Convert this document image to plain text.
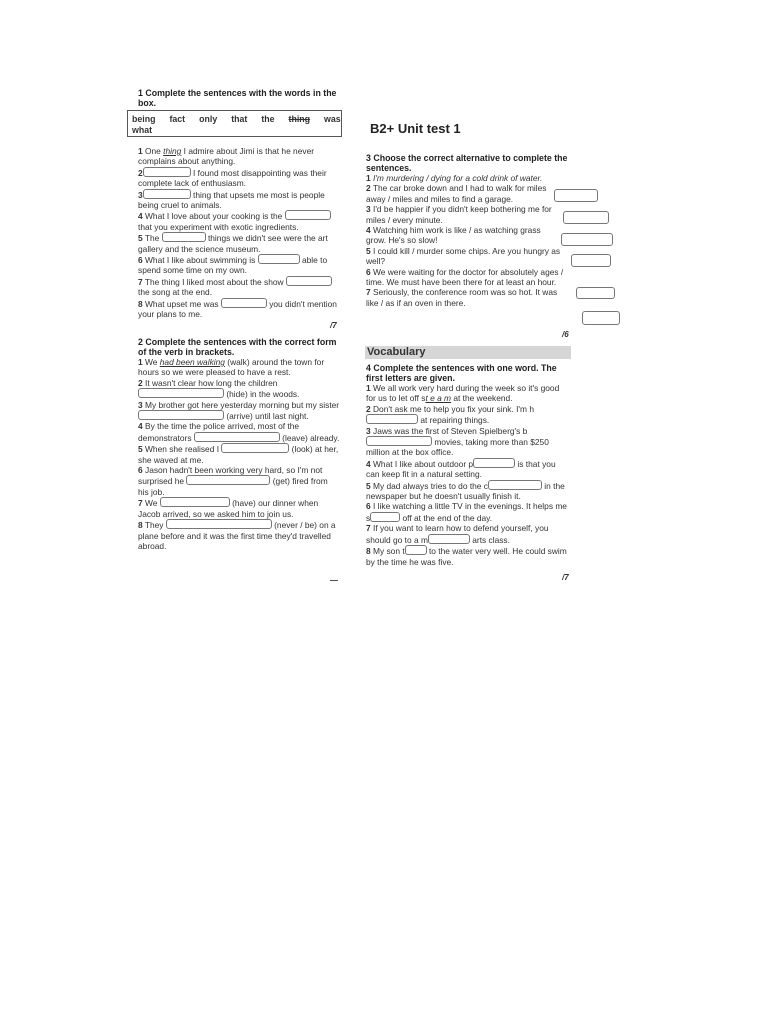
1 Complete the sentences with the words in the box.
being fact only that the thing was
what
1 One thing I admire about Jimi is that he never complains about anything.
2	I found most disappointing was their complete lack of enthusiasm.
3	thing that upsets me most is people being cruel to animals.
4 What I love about your cooking is the  that you experiment with exotic ingredients.
5 The	things we didn't see were the art gallery and the science museum.
6 What I like about swimming is	able to spend some time on my own.
7 The thing I liked most about the show  the song at the end.
8 What upset me was	you didn't mention your plans to me.
/7
2 Complete the sentences with the correct form of the verb in brackets.
1 We had been walking (walk) around the town for hours so we were pleased to have a rest.
2 It wasn't clear how long the children  (hide) in the woods.
3 My brother got here yesterday morning but my sister  (arrive) until last night.
4 By the time the police arrived, most of the demonstrators	(leave) already.
5 When she realised I	(look) at her, she waved at me.
6 Jason hadn't been working very hard, so I'm not surprised he	(get) fired from his job.
7 We	(have) our dinner when Jacob arrived, so we asked him to join us.
8 They	(never / be) on a plane before and it was the first time they'd travelled abroad.
—
B2+ Unit test 1
3 Choose the correct alternative to complete the sentences.
1 I'm murdering / dying for a cold drink of water.
2 The car broke down and I had to walk for miles away / miles and miles to find a garage.
3 I'd be happier if you didn't keep bothering me for miles / every minute.
4 Watching him work is like / as watching grass grow. He's so slow!
5 I could kill / murder some chips. Are you hungry as well?
6 We were waiting for the doctor for absolutely ages / time. We must have been there for at least an hour.
7 Seriously, the conference room was so hot. It was like / as if an oven in there.
/6
Vocabulary
4 Complete the sentences with one word. The first letters are given.
1 We all work very hard during the week so it's good for us to let off st e a m at the weekend.
2 Don't ask me to help you fix your sink. I'm h at repairing things.
3 Jaws was the first of Steven Spielberg's b movies, taking more than $250 million at the box office.
4 What I like about outdoor p	is that you can keep fit in a natural setting.
5 My dad always tries to do the c	in the newspaper but he doesn't usually finish it.
6 I like watching a little TV in the evenings. It helps me s	off at the end of the day.
7 If you want to learn how to defend yourself, you should go to a m	arts class.
8 My son t	to the water very well. He could swim by the time he was five.
/7
